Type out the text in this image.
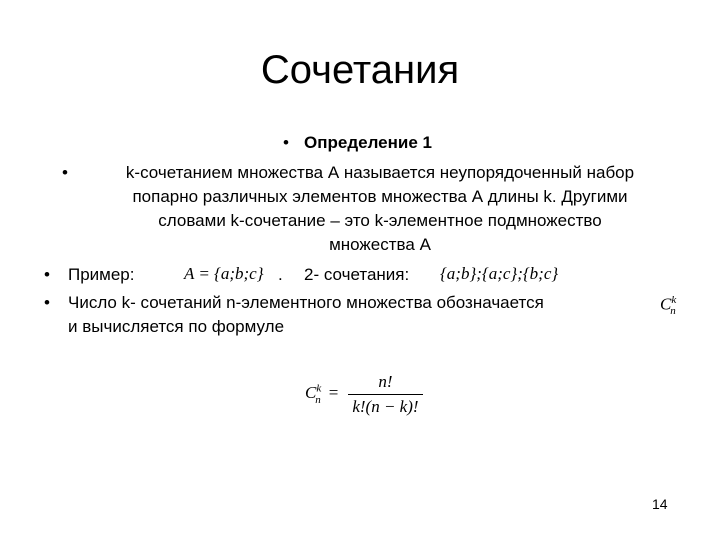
Сочетания
• Определение 1
•	k-сочетанием множества А называется неупорядоченный набор
попарно различных элементов множества А длины k. Другими
словами k-сочетание – это k-элементное подмножество
множества А
• Пример:	A = {a;b;c} . 2- сочетания: {a;b};{a;c};{b;c}
• Число k- сочетаний n-элементного множества обозначается
и вычисляется по формуле
$C^k_n$
$C^k_n = \frac{n!}{k!(n - k)!}$
14
